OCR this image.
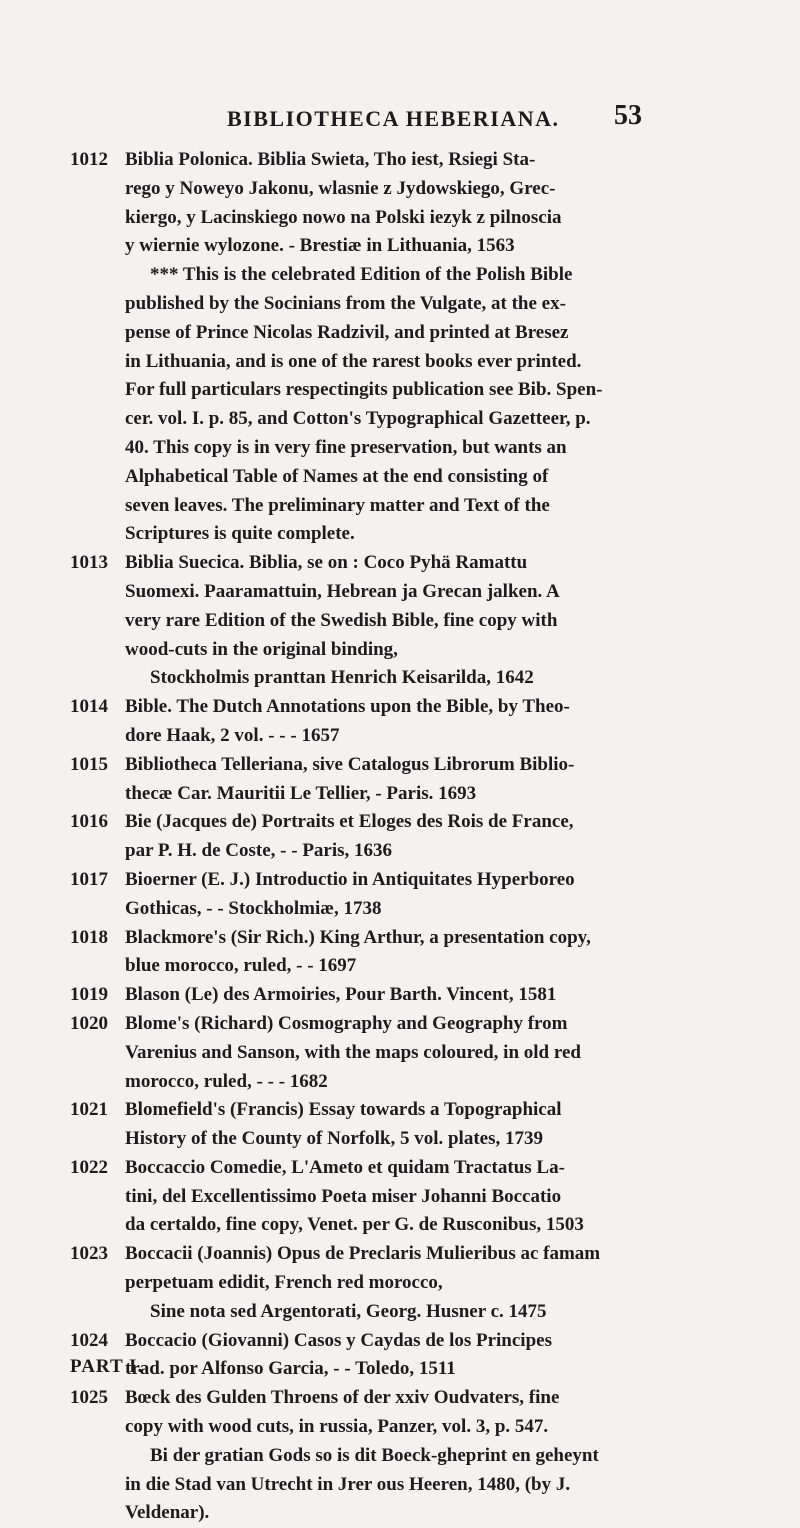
BIBLIOTHECA HEBERIANA. 53
1012 Biblia Polonica. Biblia Swieta, Tho iest, Rsiegi Sta-
rego y Noweyo Jakonu, wlasnie z Jydowskiego, Grec-
kiergo, y Lacinskiego nowo na Polski iezyk z pilnoscia
y wiernie wylozone. - Brestiæ in Lithuania, 1563
*** This is the celebrated Edition of the Polish Bible
published by the Socinians from the Vulgate, at the ex-
pense of Prince Nicolas Radzivil, and printed at Bresez
in Lithuania, and is one of the rarest books ever printed.
For full particulars respectingits publication see Bib. Spen-
cer. vol. I. p. 85, and Cotton's Typographical Gazetteer, p.
40. This copy is in very fine preservation, but wants an
Alphabetical Table of Names at the end consisting of
seven leaves. The preliminary matter and Text of the
Scriptures is quite complete.
1013 Biblia Suecica. Biblia, se on : Coco Pyhä Ramattu
Suomexi. Paaramattuin, Hebrean ja Grecan jalken. A
very rare Edition of the Swedish Bible, fine copy with
wood-cuts in the original binding,
Stockholmis pranttan Henrich Keisarilda, 1642
1014 Bible. The Dutch Annotations upon the Bible, by Theo-
dore Haak, 2 vol. - - - 1657
1015 Bibliotheca Telleriana, sive Catalogus Librorum Biblio-
thecæ Car. Mauritii Le Tellier, - Paris. 1693
1016 Bie (Jacques de) Portraits et Eloges des Rois de France,
par P. H. de Coste, - - Paris, 1636
1017 Bioerner (E. J.) Introductio in Antiquitates Hyperboreo
Gothicas, - - Stockholmiæ, 1738
1018 Blackmore's (Sir Rich.) King Arthur, a presentation copy,
blue morocco, ruled, - - 1697
1019 Blason (Le) des Armoiries, Pour Barth. Vincent, 1581
1020 Blome's (Richard) Cosmography and Geography from
Varenius and Sanson, with the maps coloured, in old red
morocco, ruled, - - - 1682
1021 Blomefield's (Francis) Essay towards a Topographical
History of the County of Norfolk, 5 vol. plates, 1739
1022 Boccaccio Comedie, L'Ameto et quidam Tractatus La-
tini, del Excellentissimo Poeta miser Johanni Boccatio
da certaldo, fine copy, Venet. per G. de Rusconibus, 1503
1023 Boccacii (Joannis) Opus de Preclaris Mulieribus ac famam
perpetuam edidit, French red morocco,
Sine nota sed Argentorati, Georg. Husner c. 1475
1024 Boccacio (Giovanni) Casos y Caydas de los Principes
trad. por Alfonso Garcia, - - Toledo, 1511
1025 Bœck des Gulden Throens of der xxiv Oudvaters, fine
copy with wood cuts, in russia, Panzer, vol. 3, p. 547.
Bi der gratian Gods so is dit Boeck-gheprint en geheynt
in die Stad van Utrecht in Jrer ous Heeren, 1480, (by J.
Veldenar).
PART I.
